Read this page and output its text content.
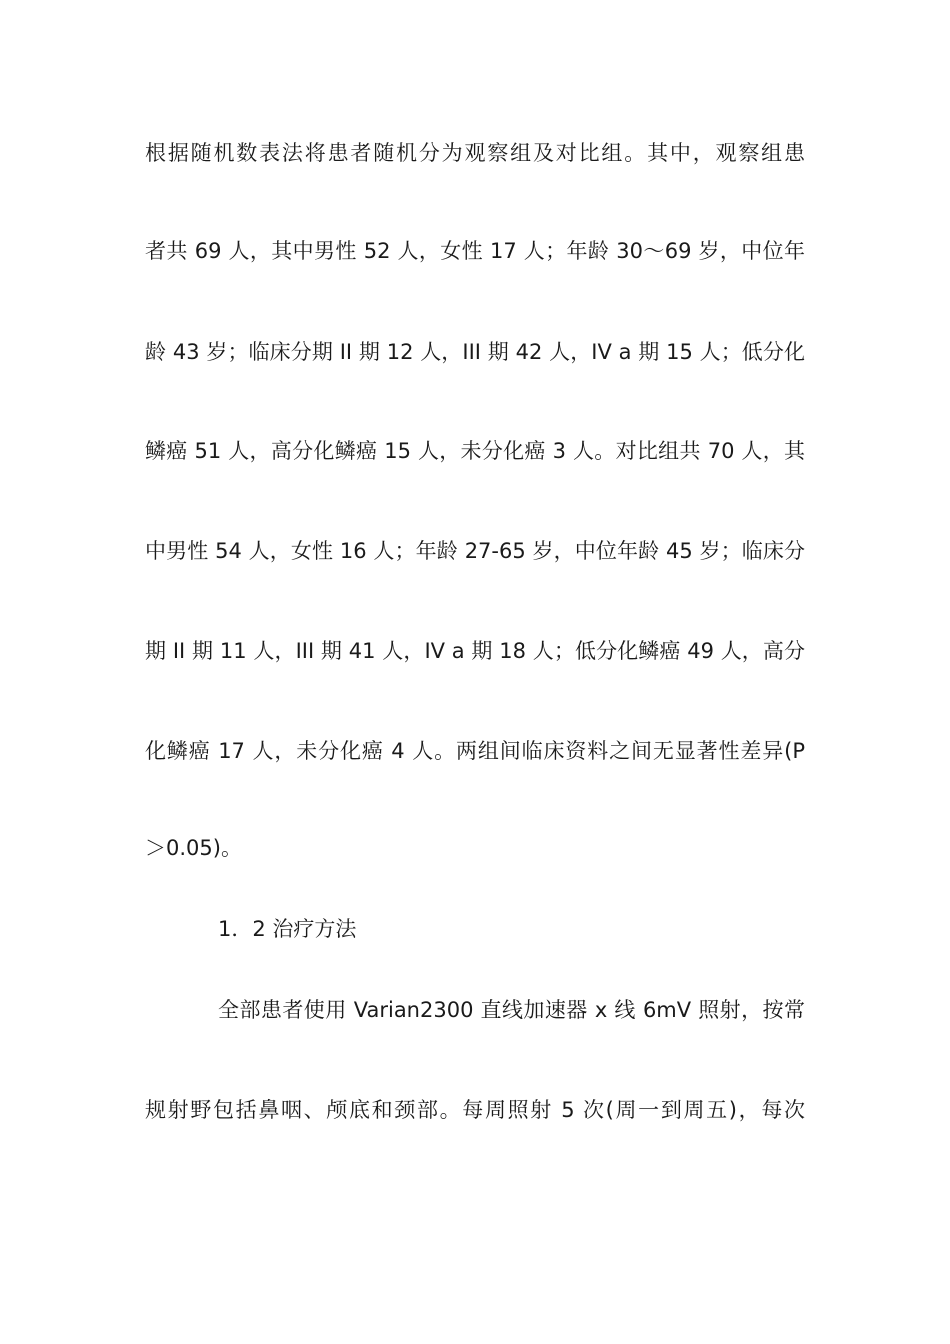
根据随机数表法将患者随机分为观察组及对比组。其中，观察组患
者共 69 人，其中男性 52 人，女性 17 人；年龄 30～69 岁，中位年
龄 43 岁；临床分期 II 期 12 人，III 期 42 人，IV a 期 15 人；低分化
鳞癌 51 人，高分化鳞癌 15 人，未分化癌 3 人。对比组共 70 人，其
中男性 54 人，女性 16 人；年龄 27-65 岁，中位年龄 45 岁；临床分
期 II 期 11 人，III 期 41 人，IV a 期 18 人；低分化鳞癌 49 人，高分
化鳞癌 17 人，未分化癌 4 人。两组间临床资料之间无显著性差异(P
＞0.05)。
1．2 治疗方法
全部患者使用 Varian2300 直线加速器 x 线 6mV 照射，按常
规射野包括鼻咽、颅底和颈部。每周照射 5 次(周一到周五)，每次
